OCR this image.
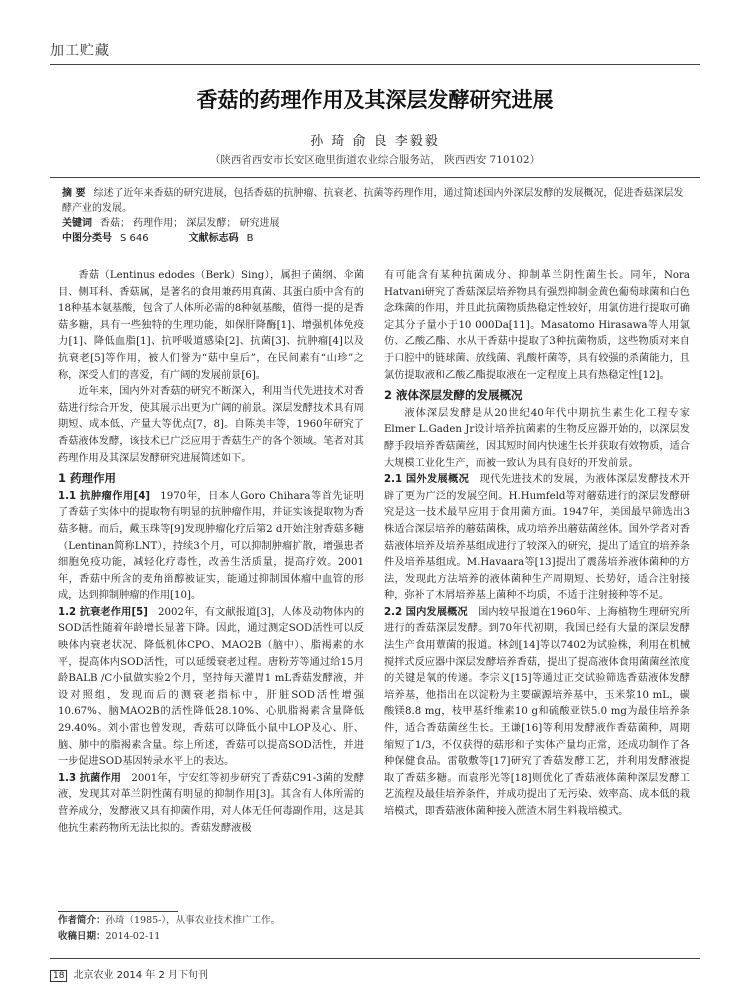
加工贮藏
香菇的药理作用及其深层发酵研究进展
孙 琦 俞 良 李毅毅
（陕西省西安市长安区砲里街道农业综合服务站， 陕西西安 710102）
摘 要 综述了近年来香菇的研究进展，包括香菇的抗肿瘤、抗衰老、抗菌等药理作用，通过简述国内外深层发酵的发展概况，促进香菇深层发酵产业的发展。
关键词 香菇； 药理作用； 深层发酵； 研究进展
中图分类号 S 646	文献标志码 B

香菇（Lentinus edodes（Berk）Sing），属担子菌纲、伞菌目、侧耳科、香菇属，是著名的食用兼药用真菌、其蛋白质中含有的18种基本氨基酸，包含了人体所必需的8种氨基酸，值得一提的是香菇多糖，具有一些独特的生理功能，如保肝降酶[1]、增强机体免疫力[1]、降低血脂[1]、抗呼吸道感染[2]、抗菌[3]、抗肿瘤[4]以及抗衰老[5]等作用，被人们誉为“菇中皇后”，在民间素有“山珍”之称，深受人们的喜爱，有广阔的发展前景[6]。

近年来，国内外对香菇的研究不断深入，利用当代先进技术对香菇进行综合开发，使其展示出更为广阔的前景。深层发酵技术具有周期短、成本低、产量大等优点[7，8]。自陈美丰等，1960年研究了香菇液体发酵，该技术已广泛应用于香菇生产的各个领域。笔者对其药理作用及其深层发酵研究进展简述如下。

1 药理作用

1.1 抗肿瘤作用[4]  1970年，日本人Goro Chihara等首先证明了香菇子实体中的提取物有明显的抗肿瘤作用，并证实该提取物为香菇多糖。而后，戴玉珠等[9]发现肿瘤化疗后第2 d开始注射香菇多糖（Lentinan简称LNT），持续3个月，可以抑制肿瘤扩散，增强患者细胞免疫功能，减轻化疗毒性，改善生活质量，提高疗效。2001年，香菇中所含的麦角甾醇被证实，能通过抑制国体瘤中血管的形成，达到抑制肿瘤的作用[10]。

1.2 抗衰老作用[5]  2002年，有文献报道[3]，人体及动物体内的SOD活性随着年龄增长显著下降。因此，通过测定SOD活性可以反映体内衰老状况、降低机体CPO、MAO2B（脑中）、脂褐素的水平，提高体内SOD活性，可以延缓衰老过程。唐粉芳等通过给15月龄BALB /C小鼠做实验2个月，坚持每天灌胃1 mL香菇发酵液，并设对照组，发现而后的测衰老指标中，肝脏SOD活性增强10.67%、脑MAO2B的活性降低28.10%、心肌脂褐素含量降低29.40%。刘小雷也曾发现，香菇可以降低小鼠中LOP及心、肝、脑、肺中的脂褐素含量。综上所述，香菇可以提高SOD活性，并进一步促进SOD基因转录水平上的表达。

1.3 抗菌作用  2001年，宁安红等初步研究了香菇C91-3菌的发酵液，发现其对革兰阴性菌有明显的抑制作用[3]。其含有人体所需的营养成分，发酵液又具有抑菌作用，对人体无任何毒副作用，这是其他抗生素药物所无法比拟的。香菇发酵液极

作者简介：孙琦（1985-），从事农业技术推广工作。
收稿日期：2014-02-11

有可能含有某种抗菌成分、抑制革兰阴性菌生长。同年，Nora Hatvani研究了香菇深层培养物具有强烈抑制金黄色葡萄球菌和白色念珠菌的作用，并且此抗菌物质热稳定性较好，用氯仿进行提取可确定其分子量小于10 000Da[11]。Masatomo Hirasawa等人用氯仿、乙酸乙酯、水从干香菇中提取了3种抗菌物质，这些物质对来自于口腔中的链球菌、放线菌、乳酸杆菌等，具有较强的杀菌能力，且氯仿提取液和乙酸乙酯提取液在一定程度上具有热稳定性[12]。

2 液体深层发酵的发展概况

液体深层发酵是从20世纪40年代中期抗生素生化工程专家Elmer L.Gaden Jr设计培养抗菌素的生物反应器开始的，以深层发酵手段培养香菇菌丝，因其短时间内快速生长并获取有效物质，适合大规模工业化生产，而被一致认为具有良好的开发前景。

2.1 国外发展概况  现代先进技术的发展，为液体深层发酵技术开辟了更为广泛的发展空间。H.Humfeld等对蘑菇进行的深层发酵研究是这一技术最早应用于食用菌方面。1947年，美国最早筛选出3株适合深层培养的蘑菇菌株，成功培养出蘑菇菌丝体。国外学者对香菇液体培养及培养基组成进行了较深入的研究，提出了适宜的培养条件及培养基组成。M.Havaara等[13]提出了震荡培养液体菌种的方法，发现此方法培养的液体菌种生产周期短、长势好，适合注射接种，弥补了木屑培养基上菌种不均质，不适于注射接种等不足。

2.2 国内发展概况  国内较早报道在1960年、上海植物生理研究所进行的香菇深层发酵。到70年代初期，我国已经有大量的深层发酵法生产食用蕈菌的报道。林剑[14]等以7402为试验株，利用在机械搅拌式反应器中深层发酵培养香菇，提出了提高液体食用菌菌丝浓度的关键是氧的传递。李宗义[15]等通过正交试验筛选香菇液体发酵培养基，他指出在以淀粉为主要碳源培养基中，玉米浆10 mL，碳酸镁8.8 mg，枝甲基纤维素10 g和硫酸亚铁5.0 mg为最佳培养条件，适合香菇菌丝生长。王谦[16]等利用发酵液作香菇菌种，周期缩短了1/3，不仅获得的菇形和子实体产量均正常，还成功制作了各种保健食品。雷敬敷等[17]研究了香菇发酵工艺，并利用发酵液提取了香菇多糖。而袁彤光等[18]则优化了香菇液体菌种深层发酵工艺流程及最佳培养条件，并成功提出了无污染、效率高、成本低的栽培模式，即香菇液体菌种接入蔗渣木屑生料栽培模式。

18 北京农业 2014 年 2 月下旬刊
